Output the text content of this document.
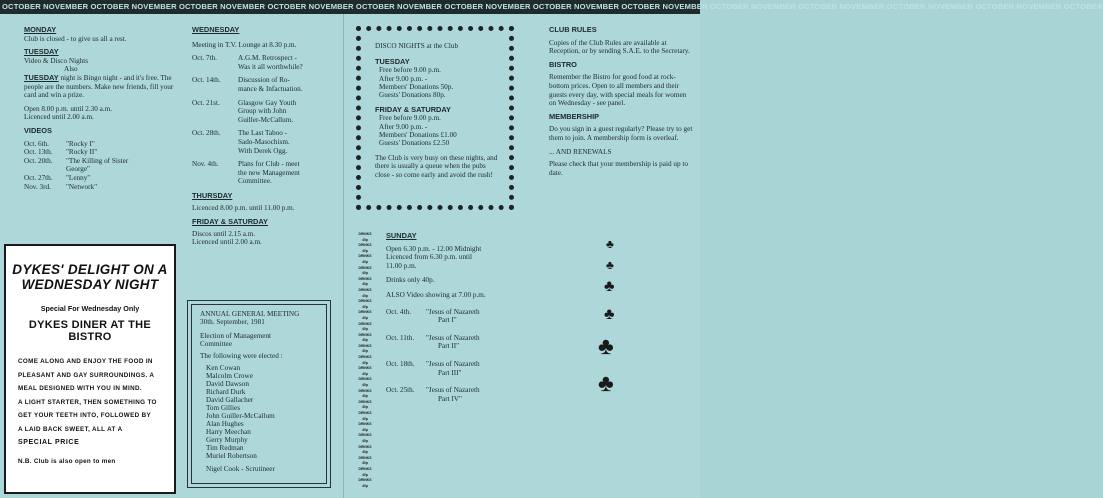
OCTOBER NOVEMBER OCTOBER NOVEMBER OCTOBER NOVEMBER OCTOBER NOVEMBER OCTOBER NOVEMBER OCTOBER NOVEMBER OCTOBER NOVEMBER OCTOBER NOVEMBER OCTOBER NOVEMBER OCTOBER NOVEMBER OCTOBER NOVEMBER OCTOBER NOVEMBER OCTOBER
MONDAY
Club is closed - to give us all a rest.
TUESDAY
Video & Disco Nights
Also
TUESDAY night is Bingo night - and it's free. The people are the numbers. Make new friends, fill your card and win a prize.
Open 8.00 p.m. until 2.30 a.m.
Licenced until 2.00 a.m.
VIDEOS
Oct. 6th.	"Rocky I"
Oct. 13th.	"Rocky II"
Oct. 20th.	"The Killing of Sister
George"
Oct. 27th.	"Lenny"
Nov. 3rd.	"Network"
DYKES' DELIGHT ON A WEDNESDAY NIGHT
Special For Wednesday Only
DYKES DINER AT THE BISTRO
COME ALONG AND ENJOY THE FOOD IN
PLEASANT AND GAY SURROUNDINGS. A
MEAL DESIGNED WITH YOU IN MIND.
A LIGHT STARTER, THEN SOMETHING TO
GET YOUR TEETH INTO, FOLLOWED BY
A LAID BACK SWEET, ALL AT A
SPECIAL PRICE
N.B. Club is also open to men
WEDNESDAY
Meeting in T.V. Lounge at 8.30 p.m.
Oct. 7th.	A.G.M. Retrospect -
Was it all worthwhile?
Oct. 14th.	Discussion of Ro-
mance & Infactuation.
Oct. 21st.	Glasgow Gay Youth
Group with John
Guiller-McCallum.
Oct. 28th.	The Last Taboo -
Sado-Masochism.
With Derek Ogg.
Nov. 4th.	Plans for Club - meet
the new Management
Committee.
THURSDAY
Licenced 8.00 p.m. until 11.00 p.m.
FRIDAY & SATURDAY
Discos until 2.15 a.m.
Licenced until 2.00 a.m.
ANNUAL GENERAL MEETING
30th. September, 1981
Election of Management
Committee
The following were elected :
Ken Cowan
Malcolm Crowe
David Dawson
Richard Durk
David Gallacher
Tom Gillies
John Guiller-McCallum
Alan Hughes
Harry Meechan
Gerry Murphy
Tim Redman
Muriel Robertson
Nigel Cook - Scrutineer
DISCO NIGHTS at the Club
TUESDAY
Free before 9.00 p.m.
After 9.00 p.m. -
Members' Donations 50p.
Guests' Donations 80p.
FRIDAY & SATURDAY
Free before 9.00 p.m.
After 9.00 p.m. -
Members' Donations £1.00
Guests' Donations £2.50
The Club is very busy on these nights, and there is usually a queue when the pubs close - so come early and avoid the rush!
DRINKS
40p
DRINKS
40p
DRINKS
40p
DRINKS
40p
DRINKS
40p
DRINKS
40p
DRINKS
40p
DRINKS
40p
DRINKS
40p
DRINKS
40p
DRINKS
40p
DRINKS
40p
DRINKS
40p
DRINKS
40p
DRINKS
40p
DRINKS
40p
DRINKS
40p
DRINKS
40p
DRINKS
40p
DRINKS
40p
DRINKS
40p
DRINKS
40p
DRINKS
40p
SUNDAY
Open 6.30 p.m. - 12.00 Midnight
Licenced from 6.30 p.m. until
11.00 p.m.
Drinks only 40p.
ALSO Video showing at 7.00 p.m.
Oct. 4th.	"Jesus of Nazareth
Part I"
Oct. 11th.	"Jesus of Nazareth
Part II"
Oct. 18th.	"Jesus of Nazareth
Part III"
Oct. 25th.	"Jesus of Nazareth
Part IV"
CLUB RULES
Copies of the Club Rules are available at Reception, or by sending S.A.E. to the Secretary.
BISTRO
Remember the Bistro for good food at rock-bottom prices. Open to all members and their guests every day, with special meals for women on Wednesday - see panel.
MEMBERSHIP
Do you sign in a guest regularly? Please try to get them to join. A membership form is overleaf.
... AND RENEWALS
Please check that your membership is paid up to date.
♣
♣
♣
♣
♣
♣
